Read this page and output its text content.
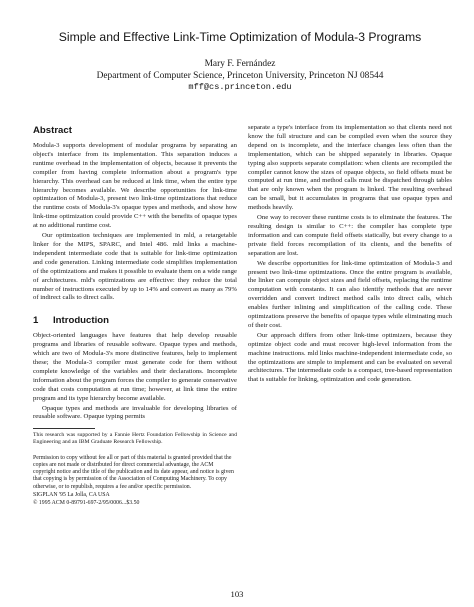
Simple and Effective Link-Time Optimization of Modula-3 Programs
Mary F. Fernández
Department of Computer Science, Princeton University, Princeton NJ 08544
mff@cs.princeton.edu
Abstract

Modula-3 supports development of modular programs by separating an object's interface from its implementation. This separation induces a runtime overhead in the implementation of objects, because it prevents the compiler from having complete information about a program's type hierarchy. This overhead can be reduced at link time, when the entire type hierarchy becomes available. We describe opportunities for link-time optimization of Modula-3, present two link-time optimizations that reduce the runtime costs of Modula-3's opaque types and methods, and show how link-time optimization could provide C++ with the benefits of opaque types at no additional runtime cost.

Our optimization techniques are implemented in mld, a retargetable linker for the MIPS, SPARC, and Intel 486. mld links a machine-independent intermediate code that is suitable for link-time optimization and code generation. Linking intermediate code simplifies implementation of the optimizations and makes it possible to evaluate them on a wide range of architectures. mld's optimizations are effective: they reduce the total number of instructions executed by up to 14% and convert as many as 79% of indirect calls to direct calls.

1 Introduction

Object-oriented languages have features that help develop reusable programs and libraries of reusable software. Opaque types and methods, which are two of Modula-3's more distinctive features, help to implement these; the Modula-3 compiler must generate code for them without complete knowledge of the variables and their declarations. Incomplete information about the program forces the compiler to generate conservative code that costs computation at run time; however, at link time the entire program and its type hierarchy become available.

Opaque types and methods are invaluable for developing libraries of reusable software. Opaque typing permits

This research was supported by a Fannie Hertz Foundation Fellowship in Science and Engineering and an IBM Graduate Research Fellowship.

Permission to copy without fee all or part of this material is granted provided that the copies are not made or distributed for direct commercial advantage, the ACM copyright notice and the title of the publication and its date appear, and notice is given that copying is by permission of the Association of Computing Machinery. To copy otherwise, or to republish, requires a fee and/or specific permission.

SIGPLAN '95 La Jolla, CA USA

© 1995 ACM 0-89791-697-2/95/0006...$3.50

separate a type's interface from its implementation so that clients need not know the full structure and can be compiled even when the source they depend on is incomplete, and the interface changes less often than the implementation, which can be shipped separately in libraries. Opaque typing also supports separate compilation: when clients are recompiled the compiler cannot know the sizes of opaque objects, so field offsets must be computed at run time, and method calls must be dispatched through tables that are only known when the program is linked. The resulting overhead can be small, but it accumulates in programs that use opaque types and methods heavily.

One way to recover these runtime costs is to eliminate the features. The resulting design is similar to C++: the compiler has complete type information and can compute field offsets statically, but every change to a private field forces recompilation of its clients, and the benefits of separation are lost.

We describe opportunities for link-time optimization of Modula-3 and present two link-time optimizations. Once the entire program is available, the linker can compute object sizes and field offsets, replacing the runtime computation with constants. It can also identify methods that are never overridden and convert indirect method calls into direct calls, which enables further inlining and simplification of the calling code. These optimizations preserve the benefits of opaque types while eliminating much of their cost.

Our approach differs from other link-time optimizers, because they optimize object code and must recover high-level information from the machine instructions. mld links machine-independent intermediate code, so the optimizations are simple to implement and can be evaluated on several architectures. The intermediate code is a compact, tree-based representation that is suitable for linking, optimization and code generation.

103
